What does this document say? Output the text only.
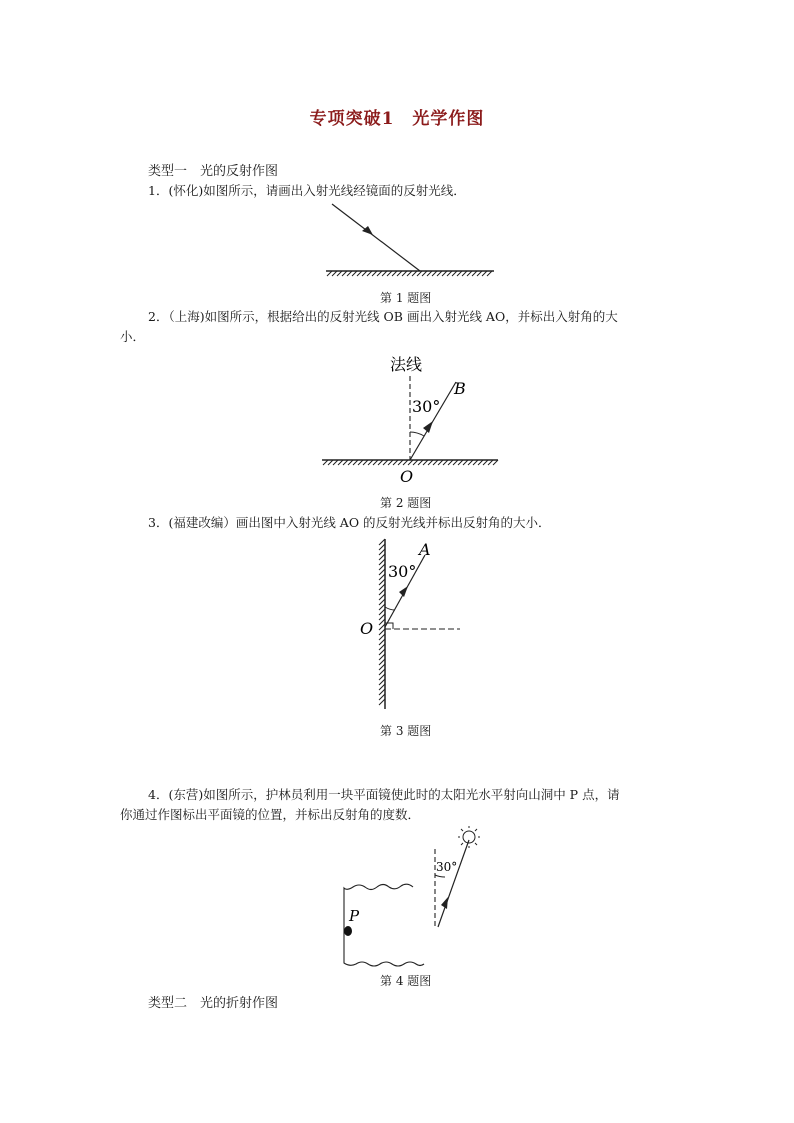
专项突破1　光学作图
类型一　光的反射作图
1．(怀化)如图所示，请画出入射光线经镜面的反射光线．
第 1 题图
2．（上海)如图所示，根据给出的反射光线 OB 画出入射光线 AO，并标出入射角的大
小．
法线
30°
B
O
第 2 题图
3．(福建改编）画出图中入射光线 AO 的反射光线并标出反射角的大小．
30°
A
O
第 3 题图
4．(东营)如图所示，护林员利用一块平面镜使此时的太阳光水平射向山洞中 P 点，请
你通过作图标出平面镜的位置，并标出反射角的度数．
P
30°
第 4 题图
类型二　光的折射作图
